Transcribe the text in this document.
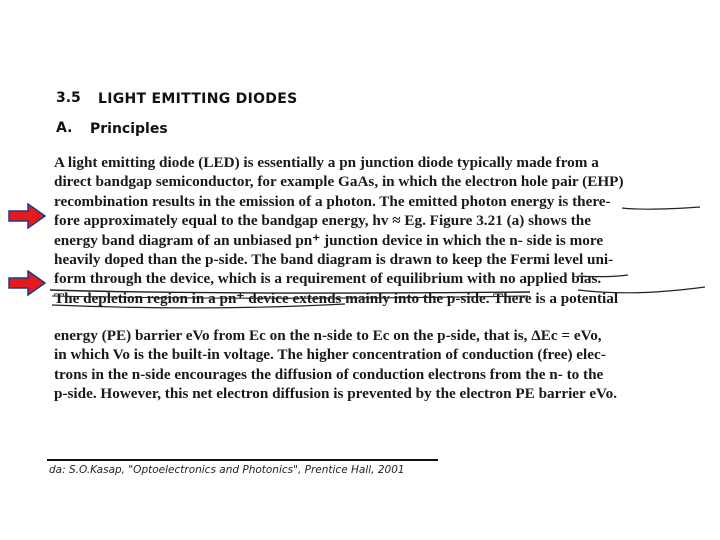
3.5 LIGHT EMITTING DIODES
A. Principles
A light emitting diode (LED) is essentially a pn junction diode typically made from a
direct bandgap semiconductor, for example GaAs, in which the electron hole pair (EHP)
recombination results in the emission of a photon. The emitted photon energy is there-
fore approximately equal to the bandgap energy, hv ≈ Eg. Figure 3.21 (a) shows the
energy band diagram of an unbiased pn⁺ junction device in which the n- side is more
heavily doped than the p-side. The band diagram is drawn to keep the Fermi level uni-
form through the device, which is a requirement of equilibrium with no applied bias.
The depletion region in a pn⁺ device extends mainly into the p-side. There is a potential
energy (PE) barrier eVo from Ec on the n-side to Ec on the p-side, that is, ΔEc = eVo,
in which Vo is the built-in voltage. The higher concentration of conduction (free) elec-
trons in the n-side encourages the diffusion of conduction electrons from the n- to the
p-side. However, this net electron diffusion is prevented by the electron PE barrier eVo.
da: S.O.Kasap, "Optoelectronics and Photonics", Prentice Hall, 2001
